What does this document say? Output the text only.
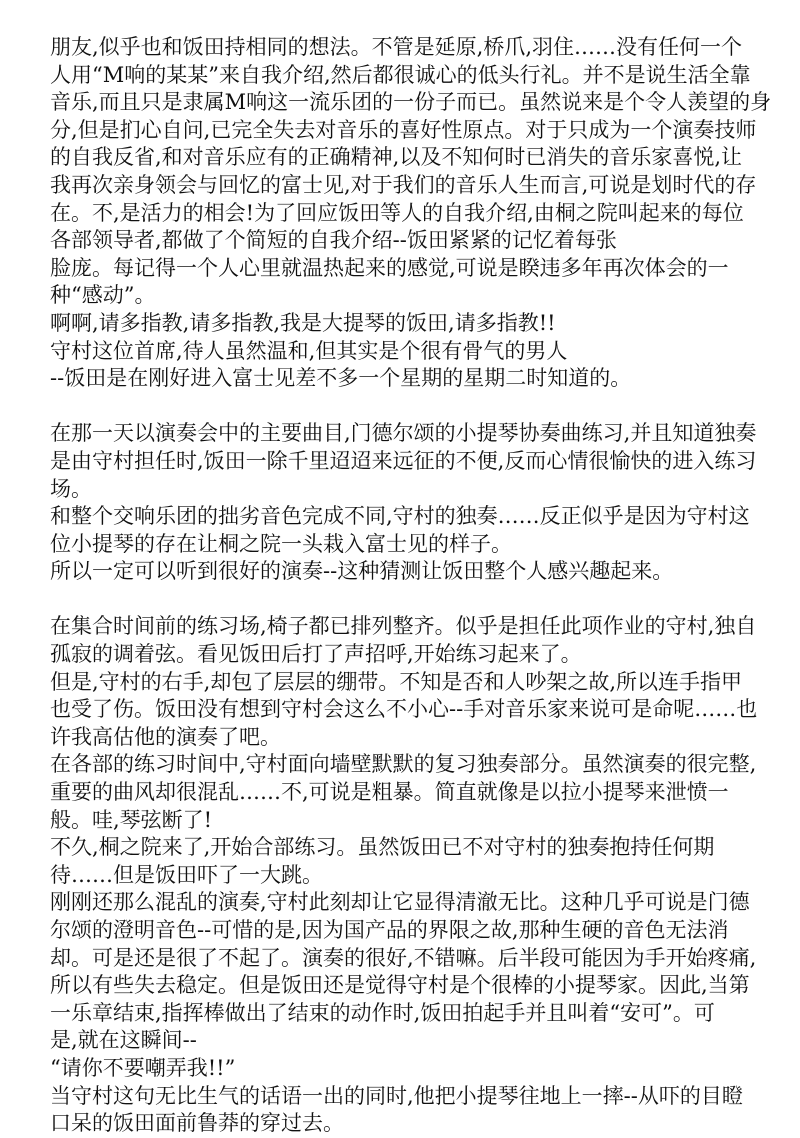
朋友,似乎也和饭田持相同的想法。不管是延原,桥爪,羽住……没有任何一个
人用“M响的某某”来自我介绍,然后都很诚心的低头行礼。并不是说生活全靠
音乐,而且只是隶属M响这一流乐团的一份子而已。虽然说来是个令人羡望的身
分,但是扪心自问,已完全失去对音乐的喜好性原点。对于只成为一个演奏技师
的自我反省,和对音乐应有的正确精神,以及不知何时已消失的音乐家喜悦,让
我再次亲身领会与回忆的富士见,对于我们的音乐人生而言,可说是划时代的存
在。不,是活力的相会!为了回应饭田等人的自我介绍,由桐之院叫起来的每位
各部领导者,都做了个简短的自我介绍--饭田紧紧的记忆着每张
脸庞。每记得一个人心里就温热起来的感觉,可说是睽违多年再次体会的一
种“感动”。
啊啊,请多指教,请多指教,我是大提琴的饭田,请多指教!!
守村这位首席,待人虽然温和,但其实是个很有骨气的男人
--饭田是在刚好进入富士见差不多一个星期的星期二时知道的。
在那一天以演奏会中的主要曲目,门德尔颂的小提琴协奏曲练习,并且知道独奏
是由守村担任时,饭田一除千里迢迢来远征的不便,反而心情很愉快的进入练习
场。
和整个交响乐团的拙劣音色完成不同,守村的独奏……反正似乎是因为守村这
位小提琴的存在让桐之院一头栽入富士见的样子。
所以一定可以听到很好的演奏--这种猜测让饭田整个人感兴趣起来。
在集合时间前的练习场,椅子都已排列整齐。似乎是担任此项作业的守村,独自
孤寂的调着弦。看见饭田后打了声招呼,开始练习起来了。
但是,守村的右手,却包了层层的绷带。不知是否和人吵架之故,所以连手指甲
也受了伤。饭田没有想到守村会这么不小心--手对音乐家来说可是命呢……也
许我高估他的演奏了吧。
在各部的练习时间中,守村面向墙壁默默的复习独奏部分。虽然演奏的很完整,
重要的曲风却很混乱……不,可说是粗暴。简直就像是以拉小提琴来泄愤一
般。哇,琴弦断了!
不久,桐之院来了,开始合部练习。虽然饭田已不对守村的独奏抱持任何期
待……但是饭田吓了一大跳。
刚刚还那么混乱的演奏,守村此刻却让它显得清澈无比。这种几乎可说是门德
尔颂的澄明音色--可惜的是,因为国产品的界限之故,那种生硬的音色无法消
却。可是还是很了不起了。演奏的很好,不错嘛。后半段可能因为手开始疼痛,
所以有些失去稳定。但是饭田还是觉得守村是个很棒的小提琴家。因此,当第
一乐章结束,指挥棒做出了结束的动作时,饭田拍起手并且叫着“安可”。可
是,就在这瞬间--
“请你不要嘲弄我!!”
当守村这句无比生气的话语一出的同时,他把小提琴往地上一摔--从吓的目瞪
口呆的饭田面前鲁莽的穿过去。
